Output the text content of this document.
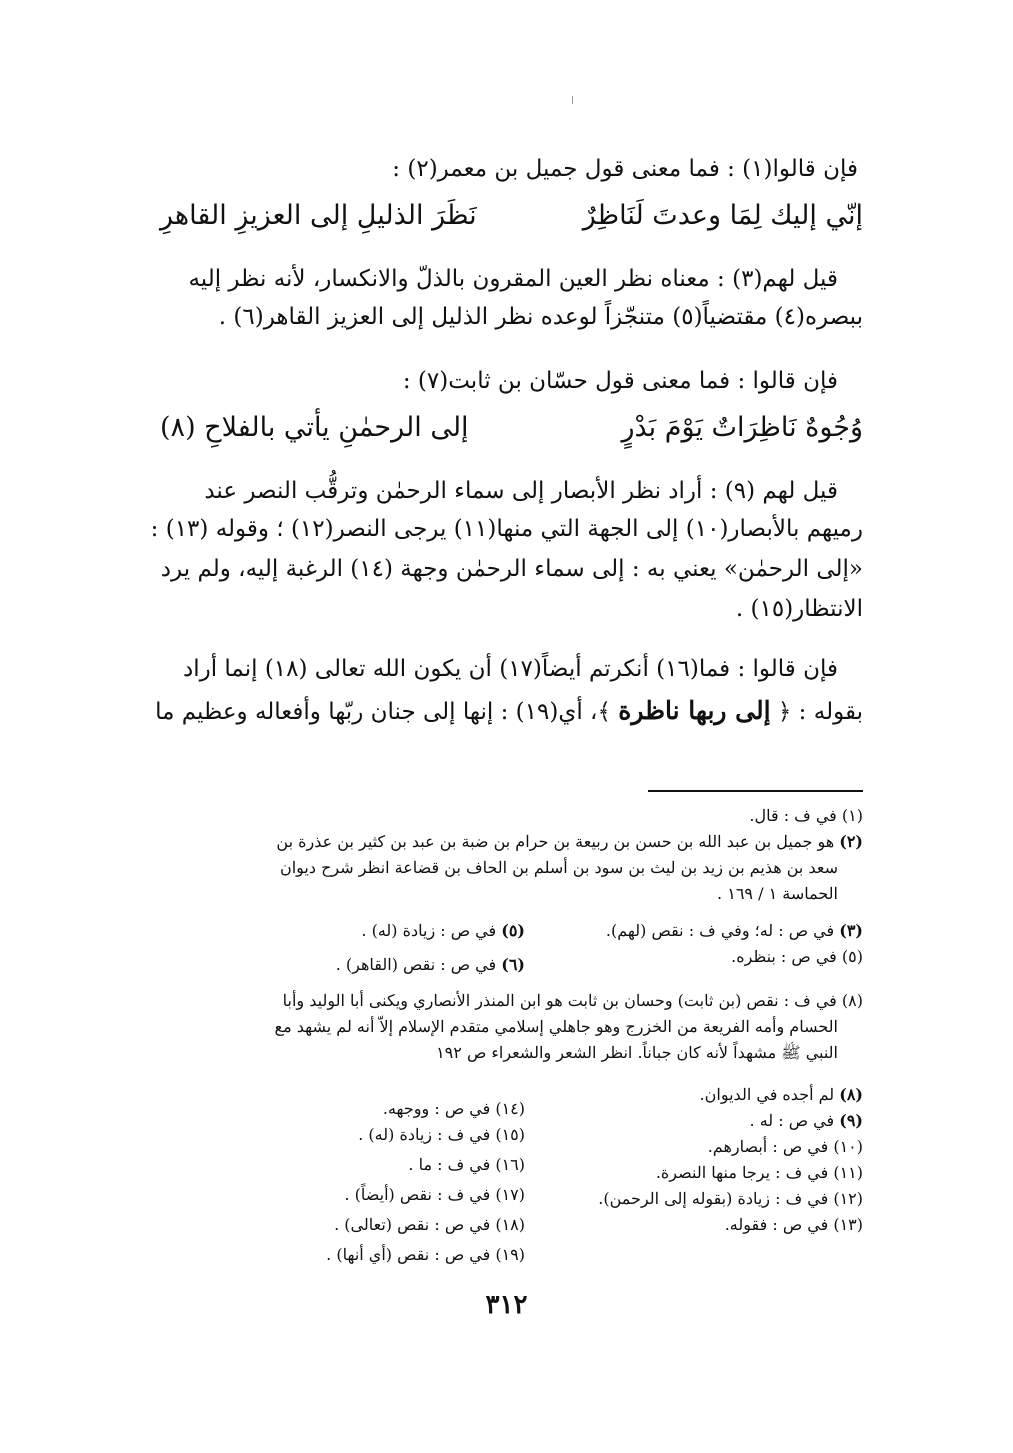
فإن قالوا(١) : فما معنى قول جميل بن معمر(٢) :
إنّي إليك لِمَا وعدتَ لَنَاظِرٌ
نَظَرَ الذليلِ إلى العزيزِ القاهرِ
قيل لهم(٣) : معناه نظر العين المقرون بالذلّ والانكسار، لأنه نظر إليه
ببصره(٤) مقتضياً(٥) متنجّزاً لوعده نظر الذليل إلى العزيز القاهر(٦) .
فإن قالوا : فما معنى قول حسّان بن ثابت(٧) :
وُجُوهٌ نَاظِرَاتٌ يَوْمَ بَدْرٍ
إلى الرحمٰنِ يأتي بالفلاحِ (٨)
قيل لهم (٩) : أراد نظر الأبصار إلى سماء الرحمٰن وترقُّب النصر عند
رميهم بالأبصار(١٠) إلى الجهة التي منها(١١) يرجى النصر(١٢) ؛ وقوله (١٣) :
«إلى الرحمٰن» يعني به : إلى سماء الرحمٰن وجهة (١٤) الرغبة إليه، ولم يرد
الانتظار(١٥) .
فإن قالوا : فما(١٦) أنكرتم أيضاً(١٧) أن يكون الله تعالى (١٨) إنما أراد
بقوله : ﴿ إلى ربها ناظرة ﴾، أي(١٩) : إنها إلى جنان ربّها وأفعاله وعظيم ما
(١) في ف : قال.
(٢) هو جميل بن عبد الله بن حسن بن ربيعة بن حرام بن ضبة بن عبد بن كثير بن عذرة بن
سعد بن هذيم بن زيد بن ليث بن سود بن أسلم بن الحاف بن قضاعة انظر شرح ديوان
الحماسة ١ / ١٦٩ .
(٣) في ص : له؛ وفي ف : نقص (لهم).
(٥) في ص : زيادة (له) .
(٥) في ص : بنظره.
(٦) في ص : نقص (القاهر) .
(٨) في ف : نقص (بن ثابت) وحسان بن ثابت هو ابن المنذر الأنصاري ويكنى أبا الوليد وأبا
الحسام وأمه الفريعة من الخزرج وهو جاهلي إسلامي متقدم الإسلام إلاّ أنه لم يشهد مع
النبي ﷺ مشهداً لأنه كان جباناً. انظر الشعر والشعراء ص ١٩٢
(٨) لم أجده في الديوان.
(٩) في ص : له .
(١٠) في ص : أبصارهم.
(١١) في ف : يرجا منها النصرة.
(١٢) في ف : زيادة (بقوله إلى الرحمن).
(١٣) في ص : فقوله.
(١٤) في ص : ووجهه.
(١٥) في ف : زيادة (له) .
(١٦) في ف : ما .
(١٧) في ف : نقص (أيضاً) .
(١٨) في ص : نقص (تعالى) .
(١٩) في ص : نقص (أي أنها) .
٣١٢
